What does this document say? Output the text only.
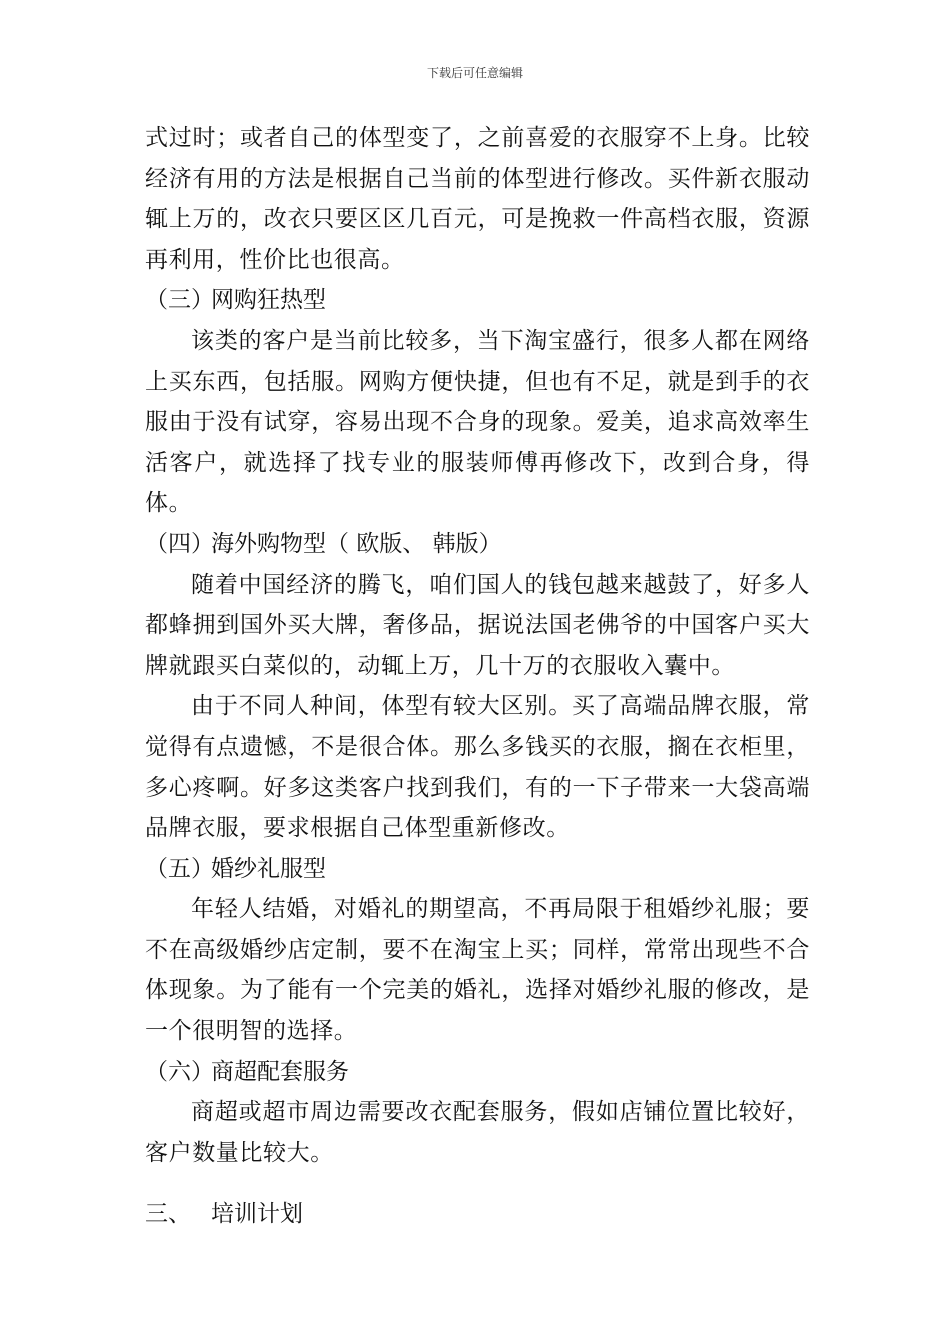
下载后可任意编辑

式过时；或者自己的体型变了，之前喜爱的衣服穿不上身。比较经济有用的方法是根据自己当前的体型进行修改。买件新衣服动辄上万的，改衣只要区区几百元，可是挽救一件高档衣服，资源再利用，性价比也很高。

（三）网购狂热型

该类的客户是当前比较多，当下淘宝盛行，很多人都在网络上买东西，包括服。网购方便快捷，但也有不足，就是到手的衣服由于没有试穿，容易出现不合身的现象。爱美，追求高效率生活客户，就选择了找专业的服装师傅再修改下，改到合身，得体。

（四）海外购物型（ 欧版、 韩版）

随着中国经济的腾飞，咱们国人的钱包越来越鼓了，好多人都蜂拥到国外买大牌，奢侈品，据说法国老佛爷的中国客户买大牌就跟买白菜似的，动辄上万，几十万的衣服收入囊中。

由于不同人种间，体型有较大区别。买了高端品牌衣服，常觉得有点遗憾，不是很合体。那么多钱买的衣服，搁在衣柜里，多心疼啊。好多这类客户找到我们，有的一下子带来一大袋高端品牌衣服，要求根据自己体型重新修改。

（五）婚纱礼服型

年轻人结婚，对婚礼的期望高，不再局限于租婚纱礼服；要不在高级婚纱店定制，要不在淘宝上买；同样，常常出现些不合体现象。为了能有一个完美的婚礼，选择对婚纱礼服的修改，是一个很明智的选择。

（六）商超配套服务

商超或超市周边需要改衣配套服务，假如店铺位置比较好，客户数量比较大。

三、 培训计划
